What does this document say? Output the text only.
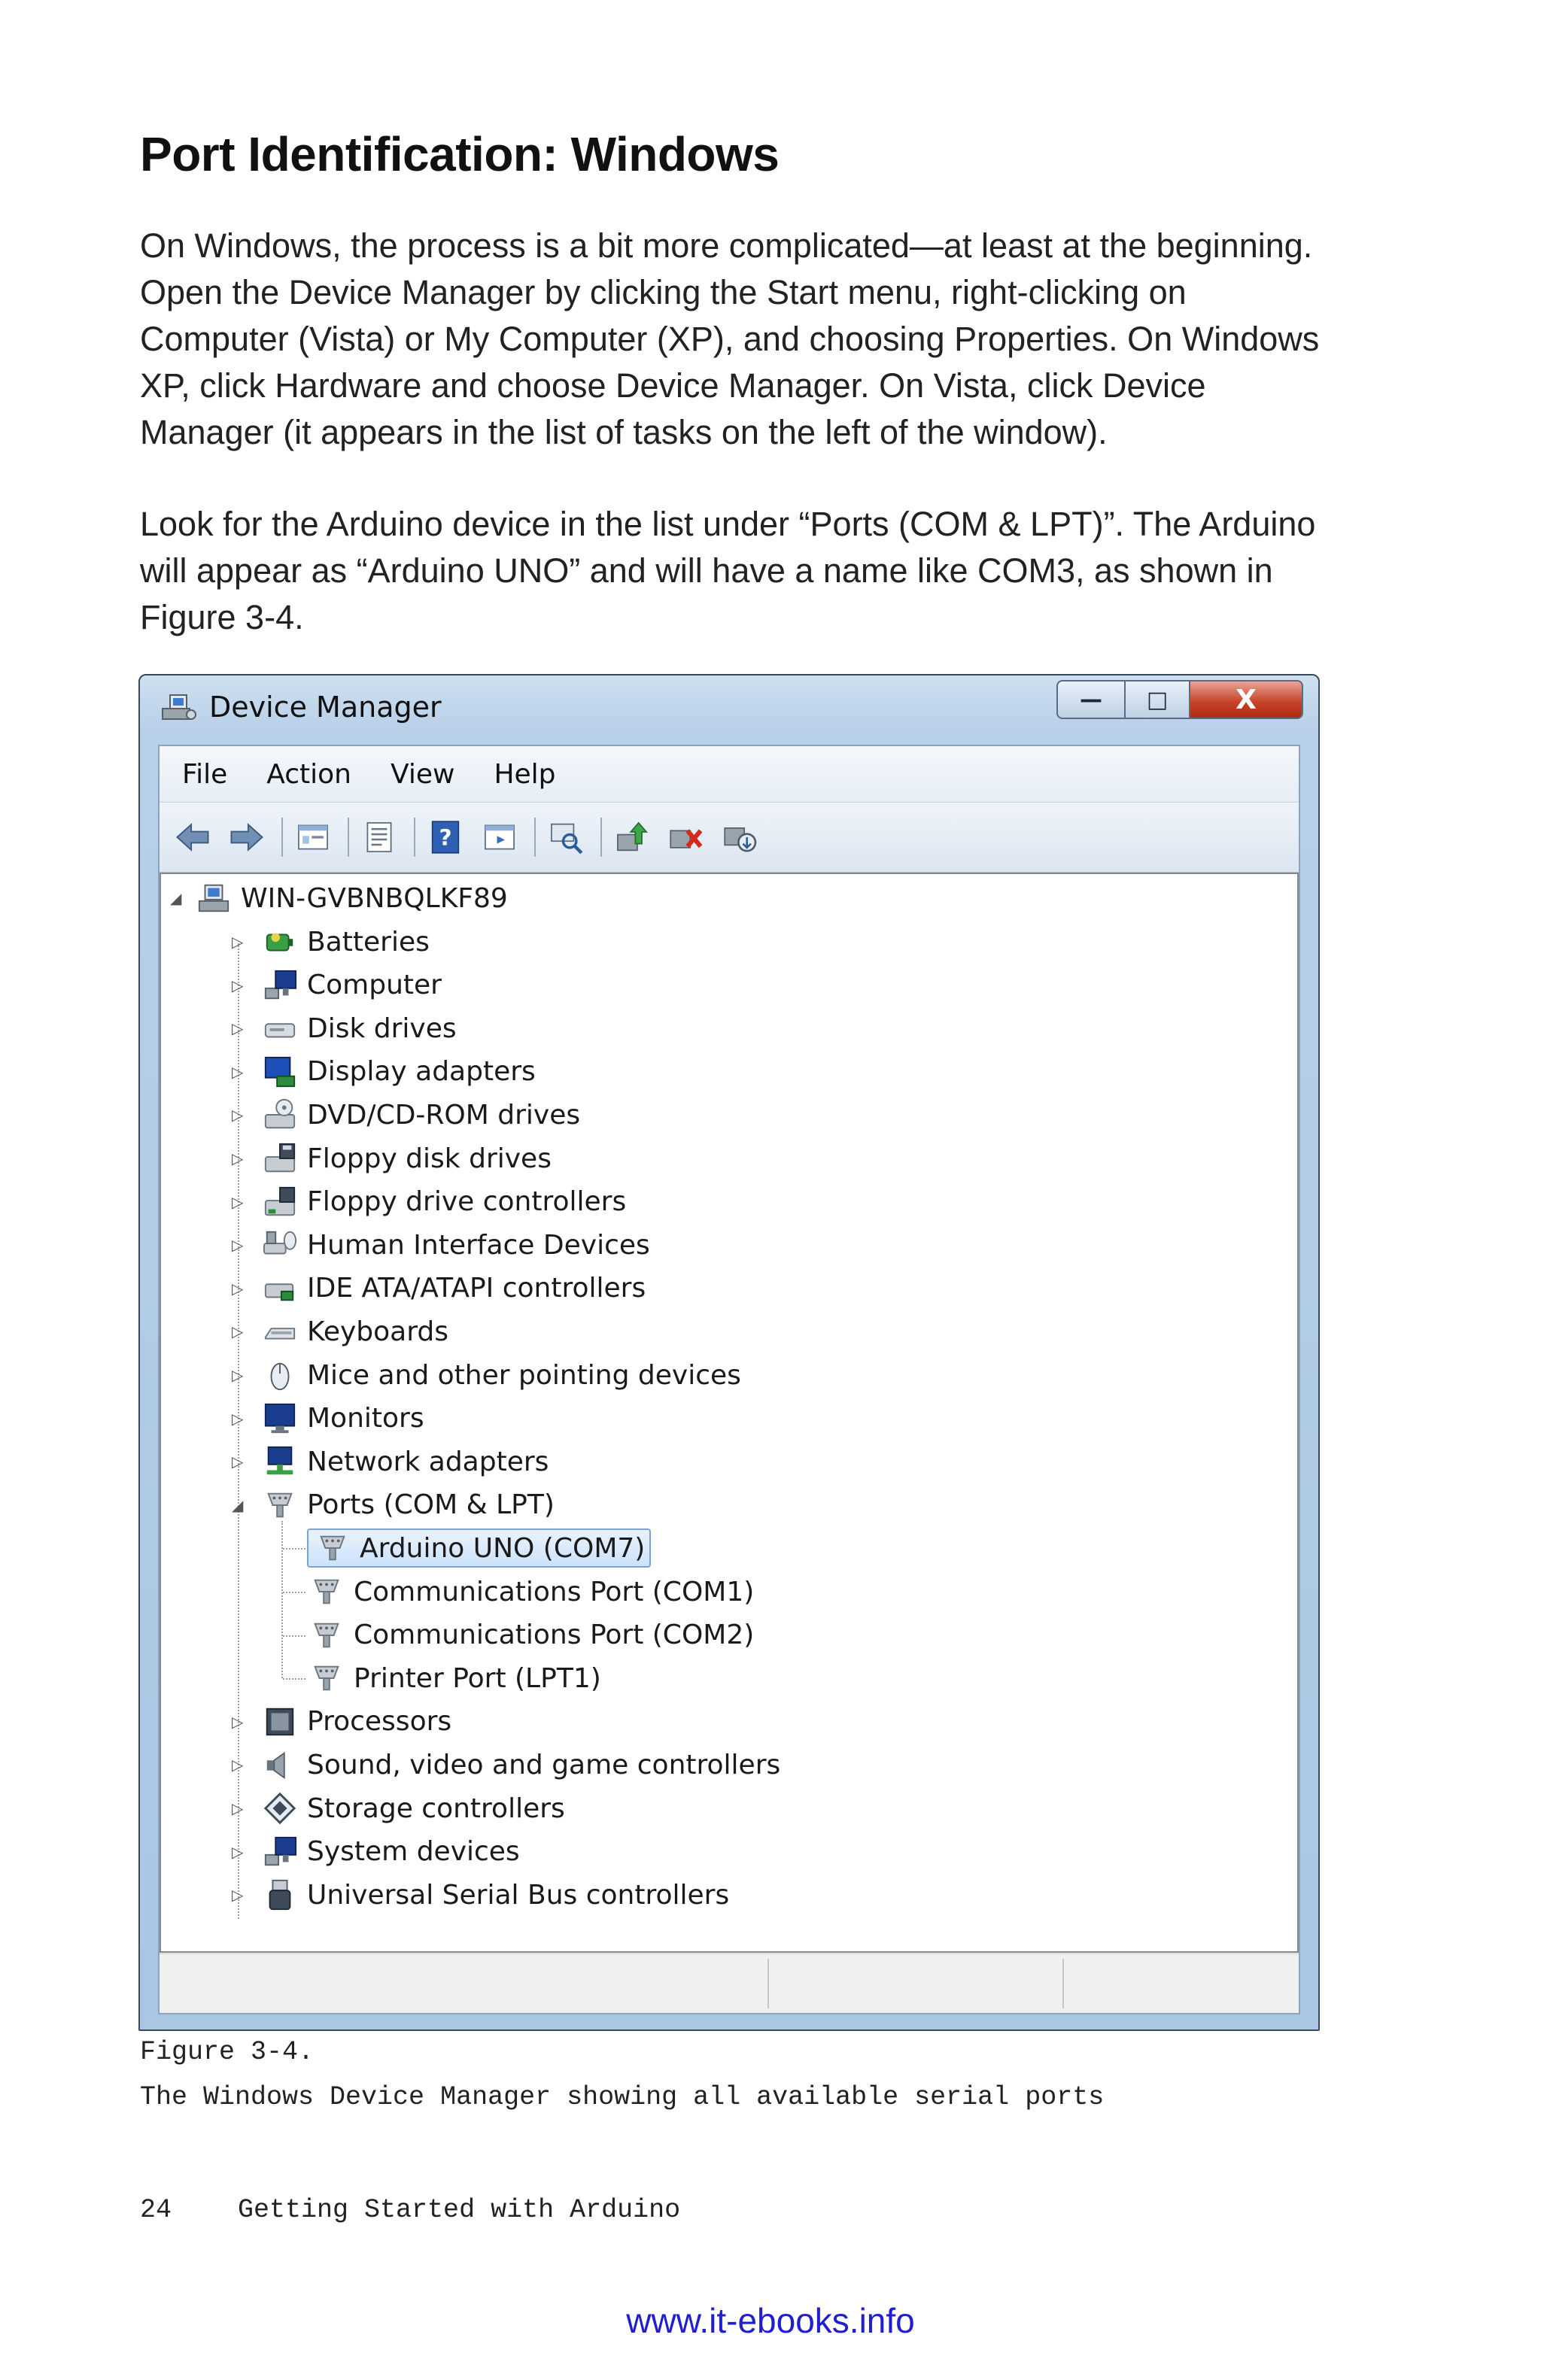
Port Identification: Windows

On Windows, the process is a bit more complicated—at least at the beginning. Open the Device Manager by clicking the Start menu, right-clicking on Computer (Vista) or My Computer (XP), and choosing Properties. On Windows XP, click Hardware and choose Device Manager. On Vista, click Device Manager (it appears in the list of tasks on the left of the window).

Look for the Arduino device in the list under “Ports (COM & LPT)”. The Arduino will appear as “Arduino UNO” and will have a name like COM3, as shown in Figure 3-4.

Device Manager	—	□	X
File Action View Help
?
◢ WIN-GVBNBQLKF89
▷ Batteries
▷ Computer
▷ Disk drives
▷ Display adapters
▷ DVD/CD-ROM drives
▷ Floppy disk drives
▷ Floppy drive controllers
▷ Human Interface Devices
▷ IDE ATA/ATAPI controllers
▷ Keyboards
▷ Mice and other pointing devices
▷ Monitors
▷ Network adapters
◢ Ports (COM & LPT)
Arduino UNO (COM7)
Communications Port (COM1)
Communications Port (COM2)
Printer Port (LPT1)
▷ Processors
▷ Sound, video and game controllers
▷ Storage controllers
▷ System devices
▷ Universal Serial Bus controllers

Figure 3-4.

The Windows Device Manager showing all available serial ports

24	Getting Started with Arduino
www.it-ebooks.info
